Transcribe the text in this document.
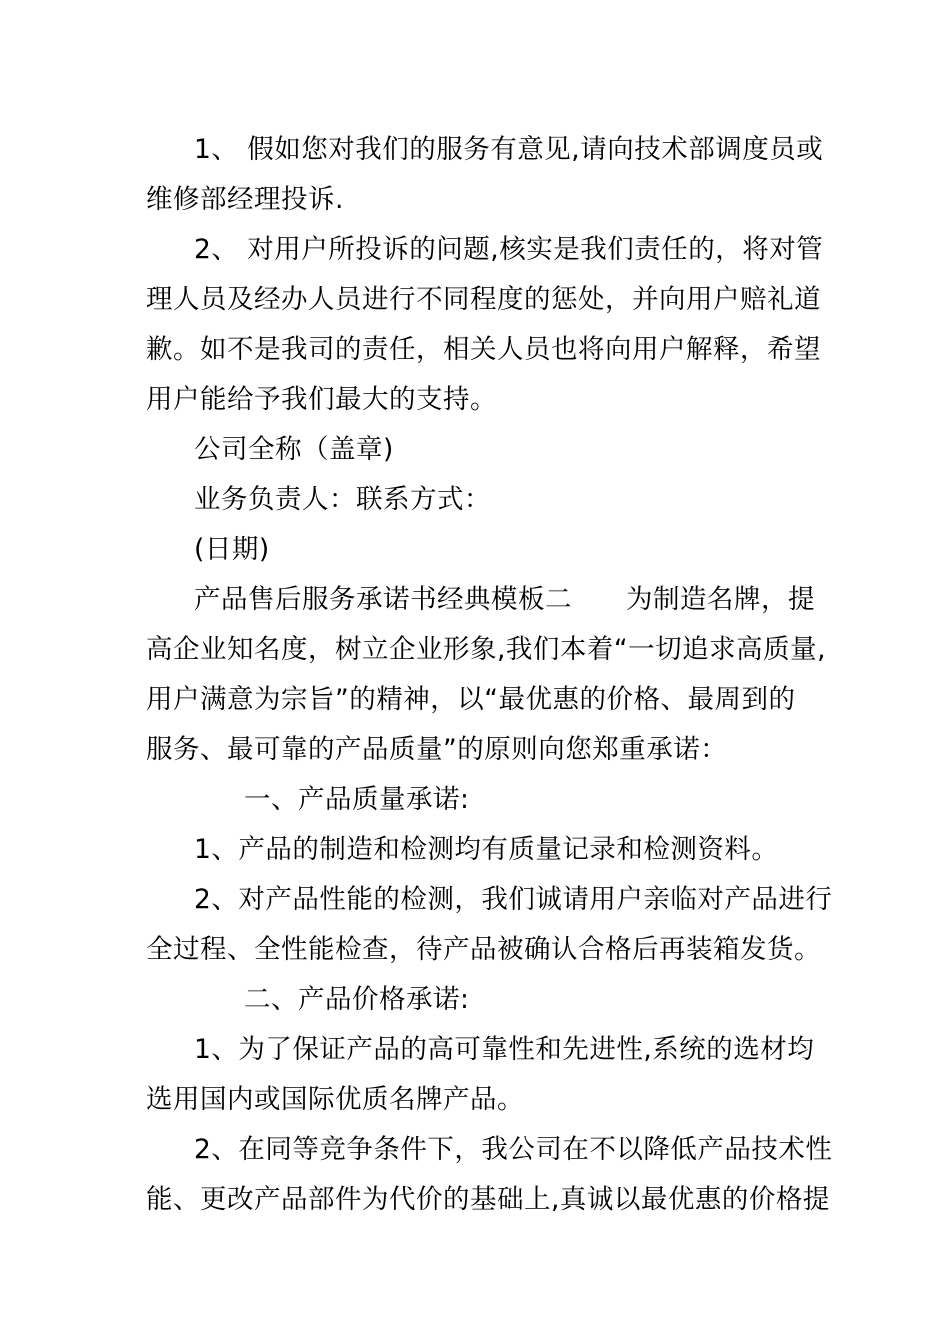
1、 假如您对我们的服务有意见,请向技术部调度员或
维修部经理投诉.
2、 对用户所投诉的问题,核实是我们责任的，将对管
理人员及经办人员进行不同程度的惩处，并向用户赔礼道
歉。如不是我司的责任，相关人员也将向用户解释，希望
用户能给予我们最大的支持。
公司全称（盖章)
业务负责人：联系方式：
(日期)
产品售后服务承诺书经典模板二　　为制造名牌，提
高企业知名度，树立企业形象,我们本着“一切追求高质量,
用户满意为宗旨”的精神，以“最优惠的价格、最周到的
服务、最可靠的产品质量”的原则向您郑重承诺：
一、产品质量承诺:
1、产品的制造和检测均有质量记录和检测资料。
2、对产品性能的检测，我们诚请用户亲临对产品进行
全过程、全性能检查，待产品被确认合格后再装箱发货。
二、产品价格承诺:
1、为了保证产品的高可靠性和先进性,系统的选材均
选用国内或国际优质名牌产品。
2、在同等竞争条件下，我公司在不以降低产品技术性
能、更改产品部件为代价的基础上,真诚以最优惠的价格提
